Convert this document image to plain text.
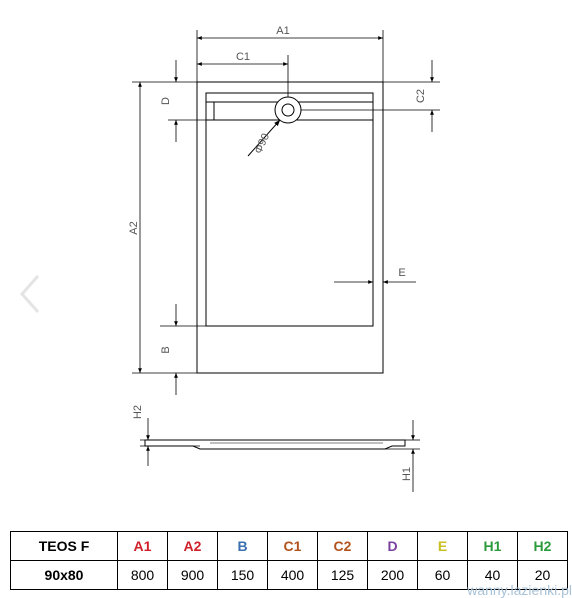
A1
C1
C2
D
A2
B
E
Φ90
H2
H1
TEOS F	A1	A2	B	C1	C2	D	E	H1	H2
90x80	800	900	150	400	125	200	60	40	20
wanny.lazienki.pl
